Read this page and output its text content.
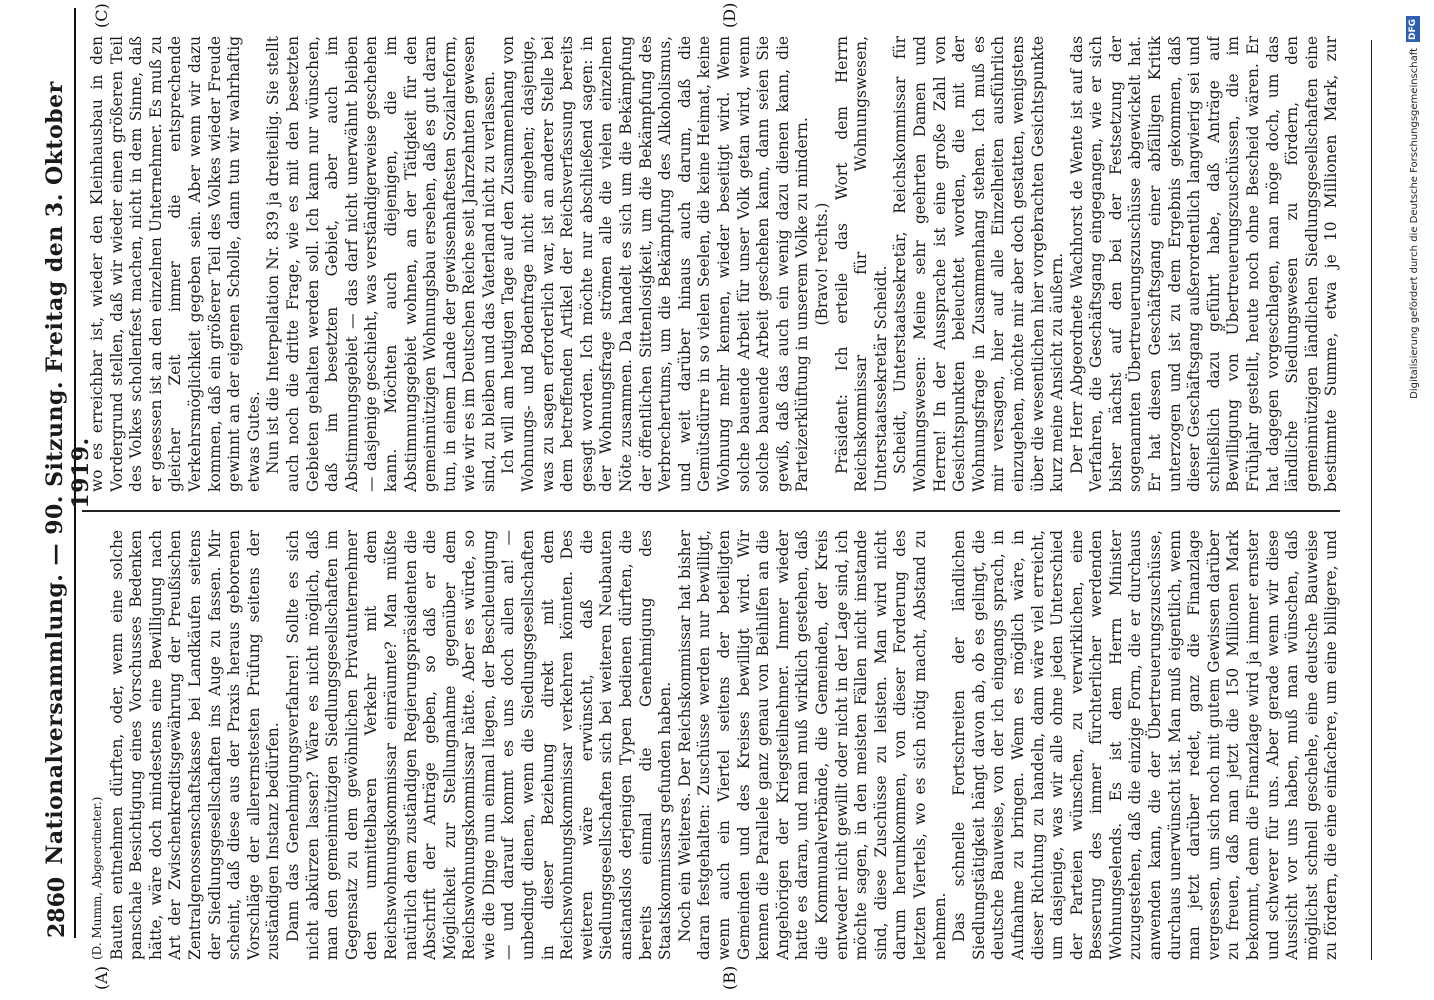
2860
Nationalversammlung. — 90. Sitzung. Freitag den 3. Oktober 1919.
(A)	(B)
(C)	(D)

(D. Mumm, Abgeordneter.) Bauten entnehmen dürften, oder, wenn eine solche panschale Besichtigung eines Vorschusses Bedenken hätte, wäre doch mindestens eine Bewilligung nach Art der Zwischenkreditsgewährung der Preußischen Zentralgenossenschaftskasse bei Landkäufen seitens der Siedlungsgesellschaften ins Auge zu fassen. Mir scheint, daß diese aus der Praxis heraus geborenen Vorschläge der allerernstesten Prüfung seitens der zuständigen Instanz bedürfen. Dann das Genehmigungsverfahren! Sollte es sich nicht abkürzen lassen? Wäre es nicht möglich, daß man den gemeinnützigen Siedlungsgesellschaften im Gegensatz zu dem gewöhnlichen Privatunternehmer den unmittelbaren Verkehr mit dem Reichswohnungskommissar einräumte? Man müßte natürlich dem zuständigen Regierungspräsidenten die Abschrift der Anträge geben, so daß er die Möglichkeit zur Stellungnahme gegenüber dem Reichswohnungskommissar hätte. Aber es würde, so wie die Dinge nun einmal liegen, der Beschleunigung — und darauf kommt es uns doch allen an! — unbedingt dienen, wenn die Siedlungsgesellschaften in dieser Beziehung direkt mit dem Reichswohnungskommissar verkehren könnten. Des weiteren wäre erwünscht, daß die Siedlungsgesellschaften sich bei weiteren Neubauten anstandslos derjenigen Typen bedienen dürften, die bereits einmal die Genehmigung des Staatskommissars gefunden haben. Noch ein Weiteres. Der Reichskommissar hat bisher daran festgehalten: Zuschüsse werden nur bewilligt, wenn auch ein Viertel seitens der beteiligten Gemeinden und des Kreises bewilligt wird. Wir kennen die Parallele ganz genau von Beihilfen an die Angehörigen der Kriegsteilnehmer. Immer wieder hatte es daran, und man muß wirklich gestehen, daß die Kommunalverbände, die Gemeinden, der Kreis entweder nicht gewillt oder nicht in der Lage sind, ich möchte sagen, in den meisten Fällen nicht imstande sind, diese Zuschüsse zu leisten. Man wird nicht darum herumkommen, von dieser Forderung des letzten Viertels, wo es sich nötig macht, Abstand zu nehmen. Das schnelle Fortschreiten der ländlichen Siedlungstätigkeit hängt davon ab, ob es gelingt, die deutsche Bauweise, von der ich eingangs sprach, in Aufnahme zu bringen. Wenn es möglich wäre, in dieser Richtung zu handeln, dann wäre viel erreicht, um dasjenige, was wir alle ohne jeden Unterschied der Parteien wünschen, zu verwirklichen, eine Besserung des immer fürchterlicher werdenden Wohnungselends. Es ist dem Herrn Minister zuzugestehen, daß die einzige Form, die er durchaus anwenden kann, die der Übertreuerungszuschüsse, durchaus unerwünscht ist. Man muß eigentlich, wenn man jetzt darüber redet, ganz die Finanzlage vergessen, um sich noch mit gutem Gewissen darüber zu freuen, daß man jetzt die 150 Millionen Mark bekommt, denn die Finanzlage wird ja immer ernster und schwerer für uns. Aber gerade wenn wir diese Aussicht vor uns haben, muß man wünschen, daß möglichst schnell geschehe, eine deutsche Bauweise zu fördern, die eine einfachere, um eine billigere, und

wo es erreichbar ist, wieder den Kleinhausbau in den Vordergrund stellen, daß wir wieder einen größeren Teil des Volkes schollenfest machen, nicht in dem Sinne, daß er gesessen ist an den einzelnen Unternehmer. Es muß zu gleicher Zeit immer die entsprechende Verkehrsmöglichkeit gegeben sein. Aber wenn wir dazu kommen, daß ein größerer Teil des Volkes wieder Freude gewinnt an der eigenen Scholle, dann tun wir wahrhaftig etwas Gutes. Nun ist die Interpellation Nr. 839 ja dreiteilig. Sie stellt auch noch die dritte Frage, wie es mit den besetzten Gebieten gehalten werden soll. Ich kann nur wünschen, daß im besetzten Gebiet, aber auch im Abstimmungsgebiet — das darf nicht unerwähnt bleiben — dasjenige geschieht, was verständigerweise geschehen kann. Möchten auch diejenigen, die im Abstimmungsgebiet wohnen, an der Tätigkeit für den gemeinnützigen Wohnungsbau ersehen, daß es gut daran tun, in einem Lande der gewissenhaftesten Sozialreform, wie wir es im Deutschen Reiche seit Jahrzehnten gewesen sind, zu bleiben und das Vaterland nicht zu verlassen. Ich will am heutigen Tage auf den Zusammenhang von Wohnungs- und Bodenfrage nicht eingehen; dasjenige, was zu sagen erforderlich war, ist an anderer Stelle bei dem betreffenden Artikel der Reichsverfassung bereits gesagt worden. Ich möchte nur abschließend sagen: in der Wohnungsfrage strömen alle die vielen einzelnen Nöte zusammen. Da handelt es sich um die Bekämpfung der öffentlichen Sittenlosigkeit, um die Bekämpfung des Verbrechertums, um die Bekämpfung des Alkoholismus, und weit darüber hinaus auch darum, daß die Gemütsdürre in so vielen Seelen, die keine Heimat, keine Wohnung mehr kennen, wieder beseitigt wird. Wenn solche bauende Arbeit für unser Volk getan wird, wenn solche bauende Arbeit geschehen kann, dann seien Sie gewiß, daß das auch ein wenig dazu dienen kann, die Parteizerklüftung in unserem Volke zu mindern. (Bravo! rechts.) Präsident: Ich erteile das Wort dem Herrn Reichskommissar für Wohnungswesen, Unterstaatssekretär Scheidt. Scheidt, Unterstaatssekretär, Reichskommissar für Wohnungswesen: Meine sehr geehrten Damen und Herren! In der Aussprache ist eine große Zahl von Gesichtspunkten beleuchtet worden, die mit der Wohnungsfrage in Zusammenhang stehen. Ich muß es mir versagen, hier auf alle Einzelheiten ausführlich einzugehen, möchte mir aber doch gestatten, wenigstens über die wesentlichen hier vorgebrachten Gesichtspunkte kurz meine Ansicht zu äußern. Der Herr Abgeordnete Wachhorst de Wente ist auf das Verfahren, die Geschäftsgang eingegangen, wie er sich bisher nächst auf den bei der Festsetzung der sogenannten Übertreuerungszuschüsse abgewickelt hat. Er hat diesen Geschäftsgang einer abfälligen Kritik unterzogen und ist zu dem Ergebnis gekommen, daß dieser Geschäftsgang außerordentlich langwierig sei und schließlich dazu geführt habe, daß Anträge auf Bewilligung von Übertreuerungszuschüssen, die im Frühjahr gestellt, heute noch ohne Bescheid wären. Er hat dagegen vorgeschlagen, man möge doch, um das ländliche Siedlungswesen zu fördern, den gemeinnützigen ländlichen Siedlungsgesellschaften eine bestimmte Summe, etwa je 10 Millionen Mark, zur

DFG
Digitalisierung gefördert durch die Deutsche Forschungsgemeinschaft
